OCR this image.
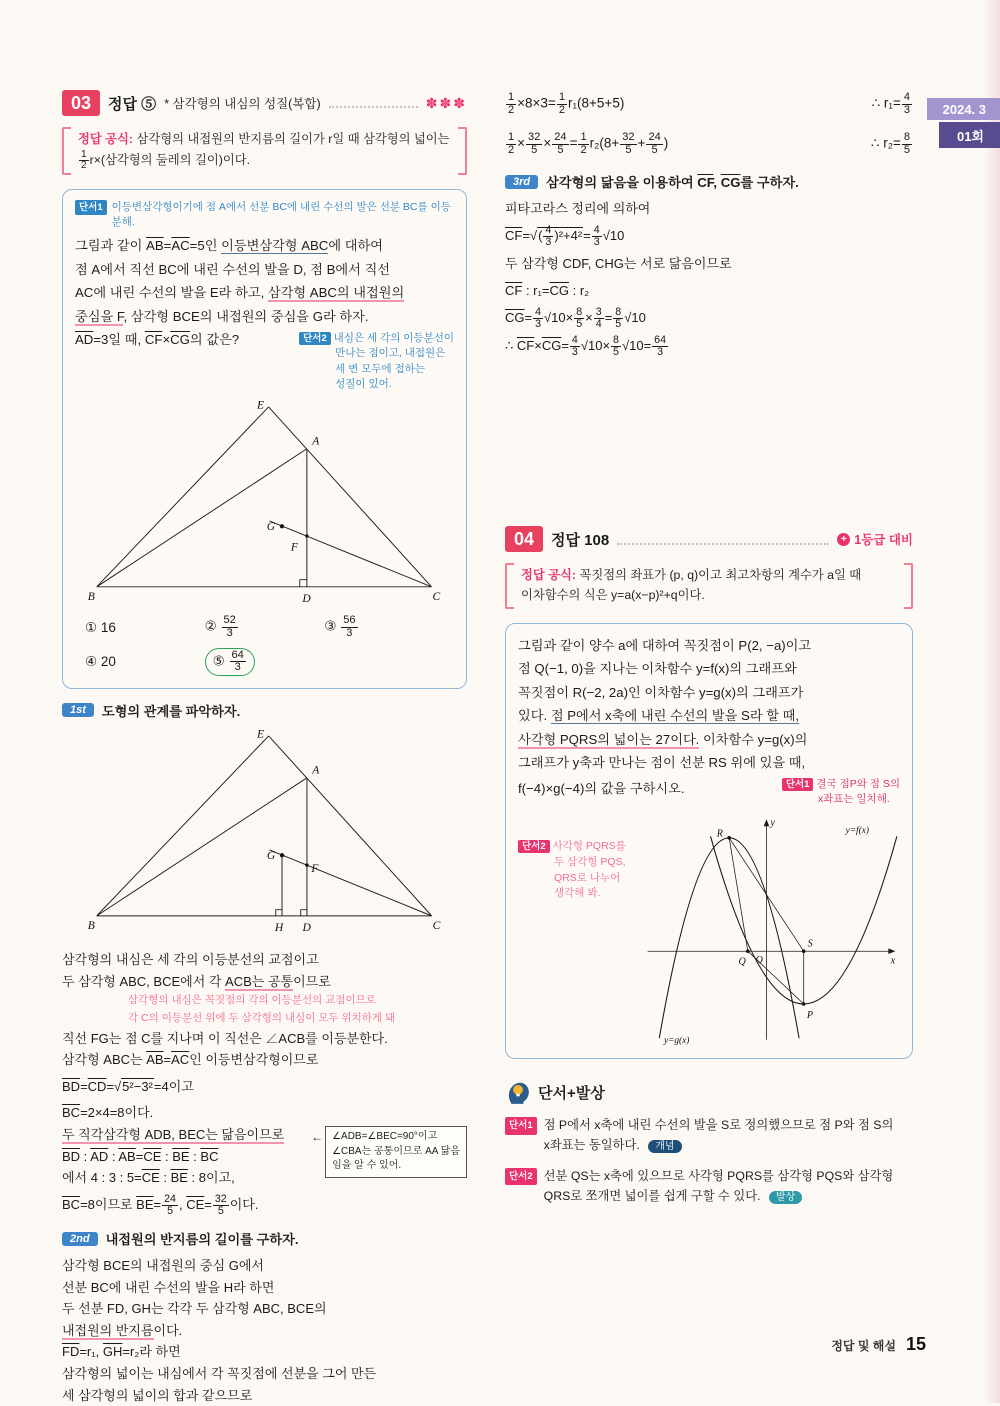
2024. 3
01회
03	정답 ⑤ * 삼각형의 내심의 성질(복합)	✽✽✽
정답 공식: 삼각형의 내접원의 반지름의 길이가 r일 때 삼각형의 넓이는

$\frac{1}{2} r\times$(삼각형의 둘레의 길이)이다.
단서1 이등변삼각형이기에 점 A에서 선분 BC에 내린 수선의 발은 선분 BC를 이등분해.
그림과 같이 $\overline{AB}=\overline{AC}=5$인 이등변삼각형 ABC에 대하여
점 A에서 직선 BC에 내린 수선의 발을 D, 점 B에서 직선
AC에 내린 수선의 발을 E라 하고, 삼각형 ABC의 내접원의
중심을 F, 삼각형 BCE의 내접원의 중심을 G라 하자.
$\overline{AD}=3$일 때, $\overline{CF}\times\overline{CG}$의 값은?	단서2 내심은 세 각의 이등분선이
만나는 점이고, 내접원은
세 변 모두에 접하는
성질이 있어.
E
A
G
F
B	D	C
① 16	② $\frac{52}{3}$	③ $\frac{56}{3}$
④ 20	⑤ $\frac{64}{3}$
1st	도형의 관계를 파악하자.
E
A
G
F
B	H D	C
삼각형의 내심은 세 각의 이등분선의 교점이고
두 삼각형 ABC, BCE에서 각 ACB는 공통이므로
삼각형의 내심은 꼭짓점의 각의 이등분선의 교점이므로
각 C의 이등분선 위에 두 삼각형의 내심이 모두 위치하게 돼
직선 FG는 점 C를 지나며 이 직선은 ∠ACB를 이등분한다.
삼각형 ABC는 $\overline{AB}=\overline{AC}$인 이등변삼각형이므로
$\overline{BD}=\overline{CD}=√5^2-3^2=4$이고
$\overline{BC}=2\times 4=8$이다.
두 직각삼각형 ADB, BEC는 닮음이므로
$\overline{BD}$ : $\overline{AD}$ : $\overline{AB}=\overline{CE}$ : $\overline{BE}$ : $\overline{BC}$
에서 4 : 3 : $5=\overline{CE}$ : $\overline{BE}$ : 8이고,
← ∠ADB=∠BEC=90°이고
∠CBA는 공통이므로 AA 닮음
임을 알 수 있어.
$\overline{BC}=8$이므로 $\overline{BE}= \frac{24}{5}$ , $\overline{CE}= \frac{32}{5}$ 이다.
2nd	내접원의 반지름의 길이를 구하자.
삼각형 BCE의 내접원의 중심 G에서
선분 BC에 내린 수선의 발을 H라 하면
두 선분 FD, GH는 각각 두 삼각형 ABC, BCE의
내접원의 반지름이다.
$\overline{FD}=r_1$, $\overline{GH}=r_2$라 하면
삼각형의 넓이는 내심에서 각 꼭짓점에 선분을 그어 만든
세 삼각형의 넓이의 합과 같으므로
$\frac{1}{2} \times 8\times 3= \frac{1}{2} r_1(8+5+5)$	∴ $r_1= \frac{4}{3}$
$\frac{1}{2} \times \frac{32}{5} \times \frac{24}{5} = \frac{1}{2} r_2(8+ \frac{32}{5} + \frac{24}{5}$ )	∴ $r_2= \frac{8}{5}$
3rd	삼각형의 닮음을 이용하여 $\overline{CF}$, $\overline{CG}$를 구하자.
피타고라스 정리에 의하여
$\overline{CF}=√( \frac{4}{3} )^2+4^2= \frac{4}{3} √10$
두 삼각형 CDF, CHG는 서로 닮음이므로
$\overline{CF}$ : $r_1=\overline{CG}$ : r₂
$\overline{CG}= \frac{4}{3} √10\times \frac{8}{5} \times \frac{3}{4} = \frac{8}{5} √10$
∴ $\overline{CF}\times\overline{CG}= \frac{4}{3} √10\times \frac{8}{5} √10= \frac{64}{3}$
04	정답 108	+ 1등급 대비
정답 공식: 꼭짓점의 좌표가 (p, q)이고 최고차항의 계수가 a일 때
이차함수의 식은 y=a(x−p)²+q이다.
그림과 같이 양수 a에 대하여 꼭짓점이 P(2, −a)이고
점 Q(−1, 0)을 지나는 이차함수 y=f(x)의 그래프와
꼭짓점이 R(−2, 2a)인 이차함수 y=g(x)의 그래프가
있다. 점 P에서 x축에 내린 수선의 발을 S라 할 때,
사각형 PQRS의 넓이는 27이다. 이차함수 y=g(x)의
그래프가 y축과 만나는 점이 선분 RS 위에 있을 때,
f(−4)×g(−4)의 값을 구하시오.	단서1 결국 점P와 점 S의
x좌표는 일치해.
단서2 사각형 PQRS를
두 삼각형 PQS,
QRS로 나누어
생각해 봐.
y
x
R
O
Q
S
P
y=f(x)
y=g(x)
단서+발상
단서1 점 P에서 x축에 내린 수선의 발을 S로 정의했으므로 점 P와 점 S의
x좌표는 동일하다. 개념
단서2 선분 QS는 x축에 있으므로 사각형 PQRS를 삼각형 PQS와 삼각형
QRS로 쪼개면 넓이를 쉽게 구할 수 있다. 발상
정답 및 해설 15
